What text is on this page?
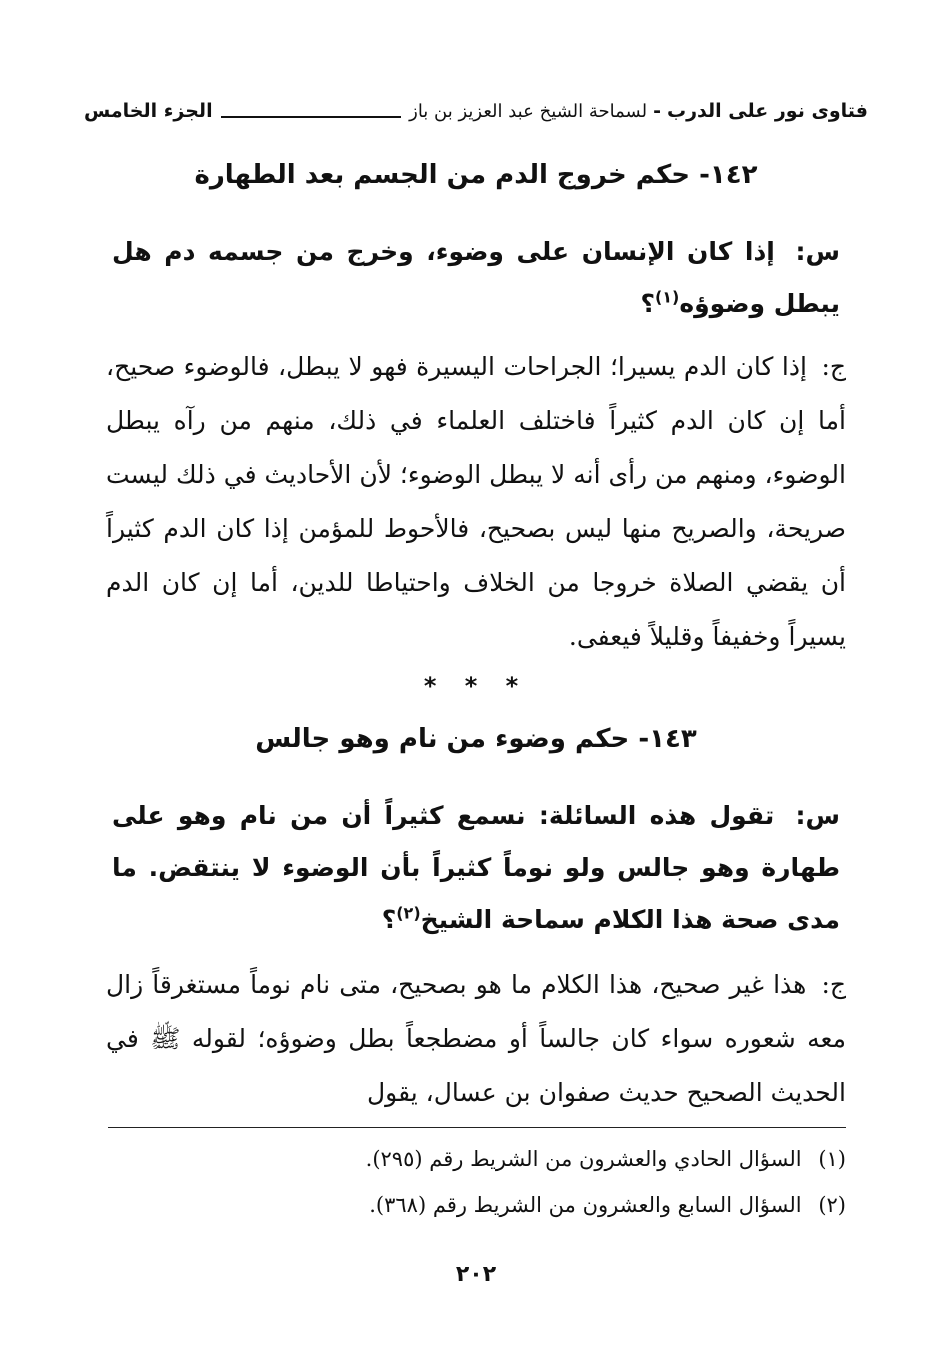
فتاوى نور على الدرب
-
لسماحة الشيخ عبد العزيز بن باز
الجزء الخامس
١٤٢- حكم خروج الدم من الجسم بعد الطهارة
س: إذا كان الإنسان على وضوء، وخرج من جسمه دم هل يبطل وضوؤه$^{(١)}$؟
ج: إذا كان الدم يسيرا؛ الجراحات اليسيرة فهو لا يبطل، فالوضوء صحيح، أما إن كان الدم كثيراً فاختلف العلماء في ذلك، منهم من رآه يبطل الوضوء، ومنهم من رأى أنه لا يبطل الوضوء؛ لأن الأحاديث في ذلك ليست صريحة، والصريح منها ليس بصحيح، فالأحوط للمؤمن إذا كان الدم كثيراً أن يقضي الصلاة خروجا من الخلاف واحتياطا للدين، أما إن كان الدم يسيراً وخفيفاً وقليلاً فيعفى.
* * *
١٤٣- حكم وضوء من نام وهو جالس
س: تقول هذه السائلة: نسمع كثيراً أن من نام وهو على طهارة وهو جالس ولو نوماً كثيراً بأن الوضوء لا ينتقض. ما مدى صحة هذا الكلام سماحة الشيخ$^{(٢)}$؟
ج: هذا غير صحيح، هذا الكلام ما هو بصحيح، متى نام نوماً مستغرقاً زال معه شعوره سواء كان جالساً أو مضطجعاً بطل وضوؤه؛ لقوله ﷺ في الحديث الصحيح حديث صفوان بن عسال، يقول
(١) السؤال الحادي والعشرون من الشريط رقم (٢٩٥).
(٢) السؤال السابع والعشرون من الشريط رقم (٣٦٨).
٢٠٢
